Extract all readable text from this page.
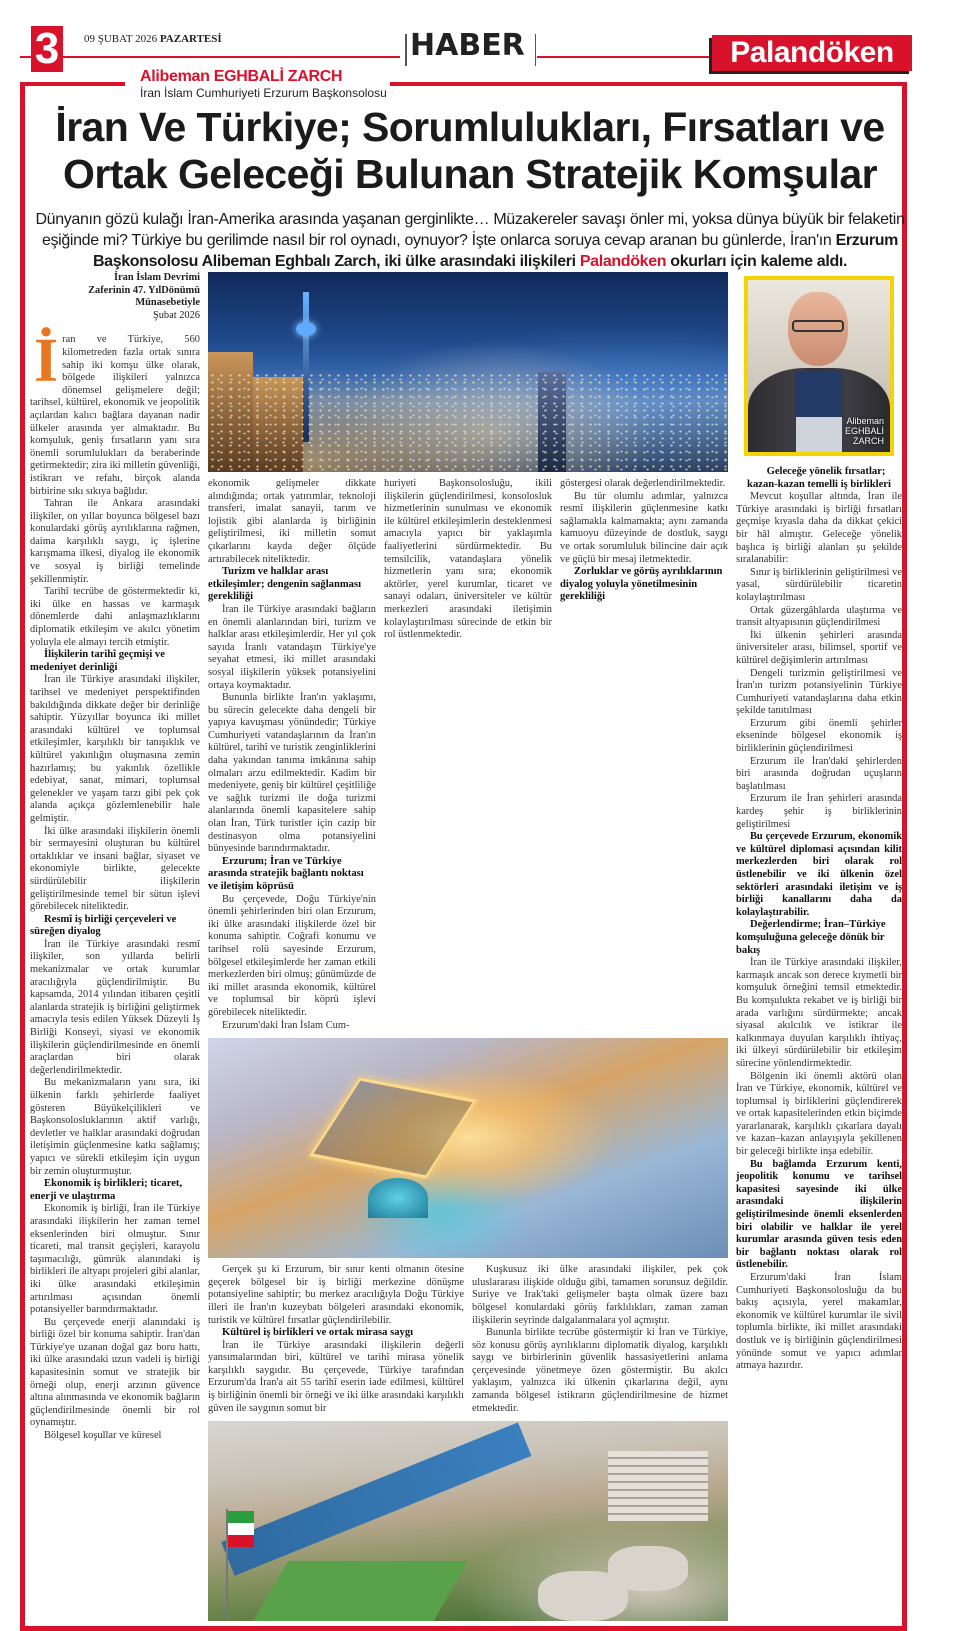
3	09 ŞUBAT 2026 PAZARTESİ	HABER	Palandöken
Alibeman EGHBALİ ZARCH
İran İslam Cumhuriyeti Erzurum Başkonsolosu
İran Ve Türkiye; Sorumlulukları, Fırsatları ve
Ortak Geleceği Bulunan Stratejik Komşular
Dünyanın gözü kulağı İran-Amerika arasında yaşanan gerginlikte… Müzakereler savaşı önler mi, yoksa dünya büyük bir felaketin eşiğinde mi? Türkiye bu gerilimde nasıl bir rol oynadı, oynuyor? İşte onlarca soruya cevap aranan bu günlerde, İran'ın Erzurum Başkonsolosu Alibeman Eghbalı Zarch, iki ülke arasındaki ilişkileri Palandöken okurları için kaleme aldı.
İran İslam Devrimi
Zaferinin 47. YılDönümü
Münasebetiyle
Şubat 2026
İ ran ve Türkiye, 560 kilometreden fazla ortak sınıra sahip iki komşu ülke olarak, bölgede ilişkileri yalnızca dönemsel gelişmelere değil; tarihsel, kültürel, ekonomik ve jeopolitik açılardan kalıcı bağlara dayanan nadir ülkeler arasında yer almaktadır. Bu komşuluk, geniş fırsatların yanı sıra önemli sorumlulukları da beraberinde getirmektedir; zira iki milletin güvenliği, istikrarı ve refahı, birçok alanda birbirine sıkı sıkıya bağlıdır.

Tahran ile Ankara arasındaki ilişkiler, on yıllar boyunca bölgesel bazı konulardaki görüş ayrılıklarına rağmen, daima karşılıklı saygı, iç işlerine karışmama ilkesi, diyalog ile ekonomik ve sosyal iş birliği temelinde şekillenmiştir.

Tarihî tecrübe de göstermektedir ki, iki ülke en hassas ve karmaşık dönemlerde dahi anlaşmazlıklarını diplomatik etkileşim ve akılcı yönetim yoluyla ele almayı tercih etmiştir.

İlişkilerin tarihî geçmişi ve medeniyet derinliği

İran ile Türkiye arasındaki ilişkiler, tarihsel ve medeniyet perspektifinden bakıldığında dikkate değer bir derinliğe sahiptir. Yüzyıllar boyunca iki millet arasındaki kültürel ve toplumsal etkileşimler, karşılıklı bir tanışıklık ve kültürel yakınlığın oluşmasına zemin hazırlamış; bu yakınlık özellikle edebiyat, sanat, mimari, toplumsal gelenekler ve yaşam tarzı gibi pek çok alanda açıkça gözlemlenebilir hale gelmiştir.

İki ülke arasındaki ilişkilerin önemli bir sermayesini oluşturan bu kültürel ortaklıklar ve insani bağlar, siyaset ve ekonomiyle birlikte, gelecekte sürdürülebilir ilişkilerin geliştirilmesinde temel bir sütun işlevi görebilecek niteliktedir.

Resmî iş birliği çerçeveleri ve süreğen diyalog

İran ile Türkiye arasındaki resmî ilişkiler, son yıllarda belirli mekanizmalar ve ortak kurumlar aracılığıyla güçlendirilmiştir. Bu kapsamda, 2014 yılından itibaren çeşitli alanlarda stratejik iş birliğini geliştirmek amacıyla tesis edilen Yüksek Düzeyli İş Birliği Konseyi, siyasi ve ekonomik ilişkilerin güçlendirilmesinde en önemli araçlardan biri olarak değerlendirilmektedir.

Bu mekanizmaların yanı sıra, iki ülkenin farklı şehirlerde faaliyet gösteren Büyükelçilikleri ve Başkonsolosluklarının aktif varlığı, devletler ve halklar arasındaki doğrudan iletişimin güçlenmesine katkı sağlamış; yapıcı ve sürekli etkileşim için uygun bir zemin oluşturmuştur.

Ekonomik iş birlikleri; ticaret, enerji ve ulaştırma

Ekonomik iş birliği, İran ile Türkiye arasındaki ilişkilerin her zaman temel eksenlerinden biri olmuştur. Sınır ticareti, mal transit geçişleri, karayolu taşımacılığı, gümrük alanındaki iş birlikleri ile altyapı projeleri gibi alanlar, iki ülke arasındaki etkileşimin artırılması açısından önemli potansiyeller barındırmaktadır.

Bu çerçevede enerji alanındaki iş birliği özel bir konuma sahiptir. İran'dan Türkiye'ye uzanan doğal gaz boru hattı, iki ülke arasındaki uzun vadeli iş birliği kapasitesinin somut ve stratejik bir örneği olup, enerji arzının güvence altına alınmasında ve ekonomik bağların güçlendirilmesinde önemli bir rol oynamıştır.

Bölgesel koşullar ve küresel

ekonomik gelişmeler dikkate alındığında; ortak yatırımlar, teknoloji transferi, imalat sanayii, tarım ve lojistik gibi alanlarda iş birliğinin geliştirilmesi, iki milletin somut çıkarlarını kayda değer ölçüde artırabilecek niteliktedir.

Turizm ve halklar arası etkileşimler; dengenin sağlanması gerekliliği

İran ile Türkiye arasındaki bağların en önemli alanlarından biri, turizm ve halklar arası etkileşimlerdir. Her yıl çok sayıda İranlı vatandaşın Türkiye'ye seyahat etmesi, iki millet arasındaki sosyal ilişkilerin yüksek potansiyelini ortaya koymaktadır.

Bununla birlikte İran'ın yaklaşımı, bu sürecin gelecekte daha dengeli bir yapıya kavuşması yönündedir; Türkiye Cumhuriyeti vatandaşlarının da İran'ın kültürel, tarihî ve turistik zenginliklerini daha yakından tanıma imkânına sahip olmaları arzu edilmektedir. Kadim bir medeniyete, geniş bir kültürel çeşitliliğe ve sağlık turizmi ile doğa turizmi alanlarında önemli kapasitelere sahip olan İran, Türk turistler için cazip bir destinasyon olma potansiyelini bünyesinde barındırmaktadır.

Erzurum; İran ve Türkiye arasında stratejik bağlantı noktası ve iletişim köprüsü

Bu çerçevede, Doğu Türkiye'nin önemli şehirlerinden biri olan Erzurum, iki ülke arasındaki ilişkilerde özel bir konuma sahiptir. Coğrafi konumu ve tarihsel rolü sayesinde Erzurum, bölgesel etkileşimlerde her zaman etkili merkezlerden biri olmuş; günümüzde de iki millet arasında ekonomik, kültürel ve toplumsal bir köprü işlevi görebilecek niteliktedir.

Erzurum'daki İran İslam Cum-

huriyeti Başkonsolosluğu, ikili ilişkilerin güçlendirilmesi, konsolosluk hizmetlerinin sunulması ve ekonomik ile kültürel etkileşimlerin desteklenmesi amacıyla yapıcı bir yaklaşımla faaliyetlerini sürdürmektedir. Bu temsilcilik, vatandaşlara yönelik hizmetlerin yanı sıra; ekonomik aktörler, yerel kurumlar, ticaret ve sanayi odaları, üniversiteler ve kültür merkezleri arasındaki iletişimin kolaylaştırılması sürecinde de etkin bir rol üstlenmektedir.

göstergesi olarak değerlendirilmektedir.

Bu tür olumlu adımlar, yalnızca resmî ilişkilerin güçlenmesine katkı sağlamakla kalmamakta; aynı zamanda kamuoyu düzeyinde de dostluk, saygı ve ortak sorumluluk bilincine dair açık ve güçlü bir mesaj iletmektedir.

Zorluklar ve görüş ayrılıklarının diyalog yoluyla yönetilmesinin gerekliliği

Gerçek şu ki Erzurum, bir sınır kenti olmanın ötesine geçerek bölgesel bir iş birliği merkezine dönüşme potansiyeline sahiptir; bu merkez aracılığıyla Doğu Türkiye illeri ile İran'ın kuzeybatı bölgeleri arasındaki ekonomik, turistik ve kültürel fırsatlar güçlendirilebilir.

Kültürel iş birlikleri ve ortak mirasa saygı

İran ile Türkiye arasındaki ilişkilerin değerli yansımalarından biri, kültürel ve tarihî mirasa yönelik karşılıklı saygıdır. Bu çerçevede, Türkiye tarafından Erzurum'da İran'a ait 55 tarihî eserin iade edilmesi, kültürel iş birliğinin önemli bir örneği ve iki ülke arasındaki karşılıklı güven ile saygının somut bir

Kuşkusuz iki ülke arasındaki ilişkiler, pek çok uluslararası ilişkide olduğu gibi, tamamen sorunsuz değildir. Suriye ve Irak'taki gelişmeler başta olmak üzere bazı bölgesel konulardaki görüş farklılıkları, zaman zaman ilişkilerin seyrinde dalgalanmalara yol açmıştır.

Bununla birlikte tecrübe göstermiştir ki İran ve Türkiye, söz konusu görüş ayrılıklarını diplomatik diyalog, karşılıklı saygı ve birbirlerinin güvenlik hassasiyetlerini anlama çerçevesinde yönetmeye özen göstermiştir. Bu akılcı yaklaşım, yalnızca iki ülkenin çıkarlarına değil, aynı zamanda bölgesel istikrarın güçlendirilmesine de hizmet etmektedir.

Alibeman
EGHBALİ
ZARCH
Geleceğe yönelik fırsatlar; kazan-kazan temelli iş birlikleri

Mevcut koşullar altında, İran ile Türkiye arasındaki iş birliği fırsatları geçmişe kıyasla daha da dikkat çekici bir hâl almıştır. Geleceğe yönelik başlıca iş birliği alanları şu şekilde sıralanabilir:

Sınır iş birliklerinin geliştirilmesi ve yasal, sürdürülebilir ticaretin kolaylaştırılması

Ortak güzergâhlarda ulaştırma ve transit altyapısının güçlendirilmesi

İki ülkenin şehirleri arasında üniversiteler arası, bilimsel, sportif ve kültürel değişimlerin artırılması

Dengeli turizmin geliştirilmesi ve İran'ın turizm potansiyelinin Türkiye Cumhuriyeti vatandaşlarına daha etkin şekilde tanıtılması

Erzurum gibi önemli şehirler ekseninde bölgesel ekonomik iş birliklerinin güçlendirilmesi

Erzurum ile İran'daki şehirlerden biri arasında doğrudan uçuşların başlatılması

Erzurum ile İran şehirleri arasında kardeş şehir iş birliklerinin geliştirilmesi

Bu çerçevede Erzurum, ekonomik ve kültürel diplomasi açısından kilit merkezlerden biri olarak rol üstlenebilir ve iki ülkenin özel sektörleri arasındaki iletişim ve iş birliği kanallarını daha da kolaylaştırabilir.

Değerlendirme; İran–Türkiye komşuluğuna geleceğe dönük bir bakış

İran ile Türkiye arasındaki ilişkiler, karmaşık ancak son derece kıymetli bir komşuluk örneğini temsil etmektedir. Bu komşulukta rekabet ve iş birliği bir arada varlığını sürdürmekte; ancak siyasal akılcılık ve istikrar ile kalkınmaya duyulan karşılıklı ihtiyaç, iki ülkeyi sürdürülebilir bir etkileşim sürecine yönlendirmektedir.

Bölgenin iki önemli aktörü olan İran ve Türkiye, ekonomik, kültürel ve toplumsal iş birliklerini güçlendirerek ve ortak kapasitelerinden etkin biçimde yararlanarak, karşılıklı çıkarlara dayalı ve kazan–kazan anlayışıyla şekillenen bir geleceği birlikte inşa edebilir.

Bu bağlamda Erzurum kenti, jeopolitik konumu ve tarihsel kapasitesi sayesinde iki ülke arasındaki ilişkilerin geliştirilmesinde önemli eksenlerden biri olabilir ve halklar ile yerel kurumlar arasında güven tesis eden bir bağlantı noktası olarak rol üstlenebilir.

Erzurum'daki İran İslam Cumhuriyeti Başkonsolosluğu da bu bakış açısıyla, yerel makamlar, ekonomik ve kültürel kurumlar ile sivil toplumla birlikte, iki millet arasındaki dostluk ve iş birliğinin güçlendirilmesi yönünde somut ve yapıcı adımlar atmaya hazırdır.
